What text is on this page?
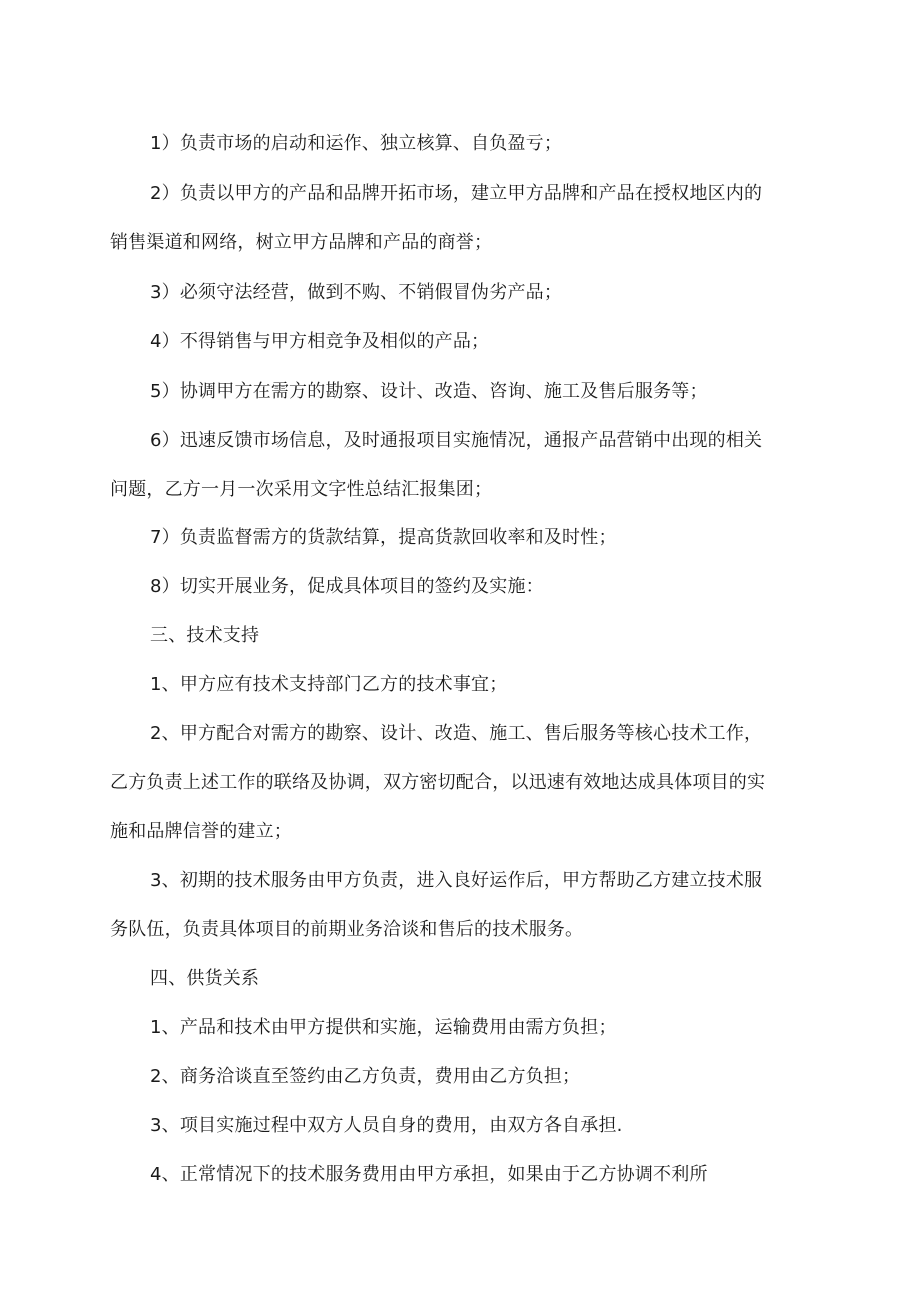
1）负责市场的启动和运作、独立核算、自负盈亏；
2）负责以甲方的产品和品牌开拓市场，建立甲方品牌和产品在授权地区内的
销售渠道和网络，树立甲方品牌和产品的商誉；
3）必须守法经营，做到不购、不销假冒伪劣产品；
4）不得销售与甲方相竞争及相似的产品；
5）协调甲方在需方的勘察、设计、改造、咨询、施工及售后服务等；
6）迅速反馈市场信息，及时通报项目实施情况，通报产品营销中出现的相关
问题，乙方一月一次采用文字性总结汇报集团；
7）负责监督需方的货款结算，提高货款回收率和及时性；
8）切实开展业务，促成具体项目的签约及实施：
三、技术支持
1、甲方应有技术支持部门乙方的技术事宜；
2、甲方配合对需方的勘察、设计、改造、施工、售后服务等核心技术工作，
乙方负责上述工作的联络及协调，双方密切配合，以迅速有效地达成具体项目的实
施和品牌信誉的建立；
3、初期的技术服务由甲方负责，进入良好运作后，甲方帮助乙方建立技术服
务队伍，负责具体项目的前期业务洽谈和售后的技术服务。
四、供货关系
1、产品和技术由甲方提供和实施，运输费用由需方负担；
2、商务洽谈直至签约由乙方负责，费用由乙方负担；
3、项目实施过程中双方人员自身的费用，由双方各自承担.
4、正常情况下的技术服务费用由甲方承担，如果由于乙方协调不利所
